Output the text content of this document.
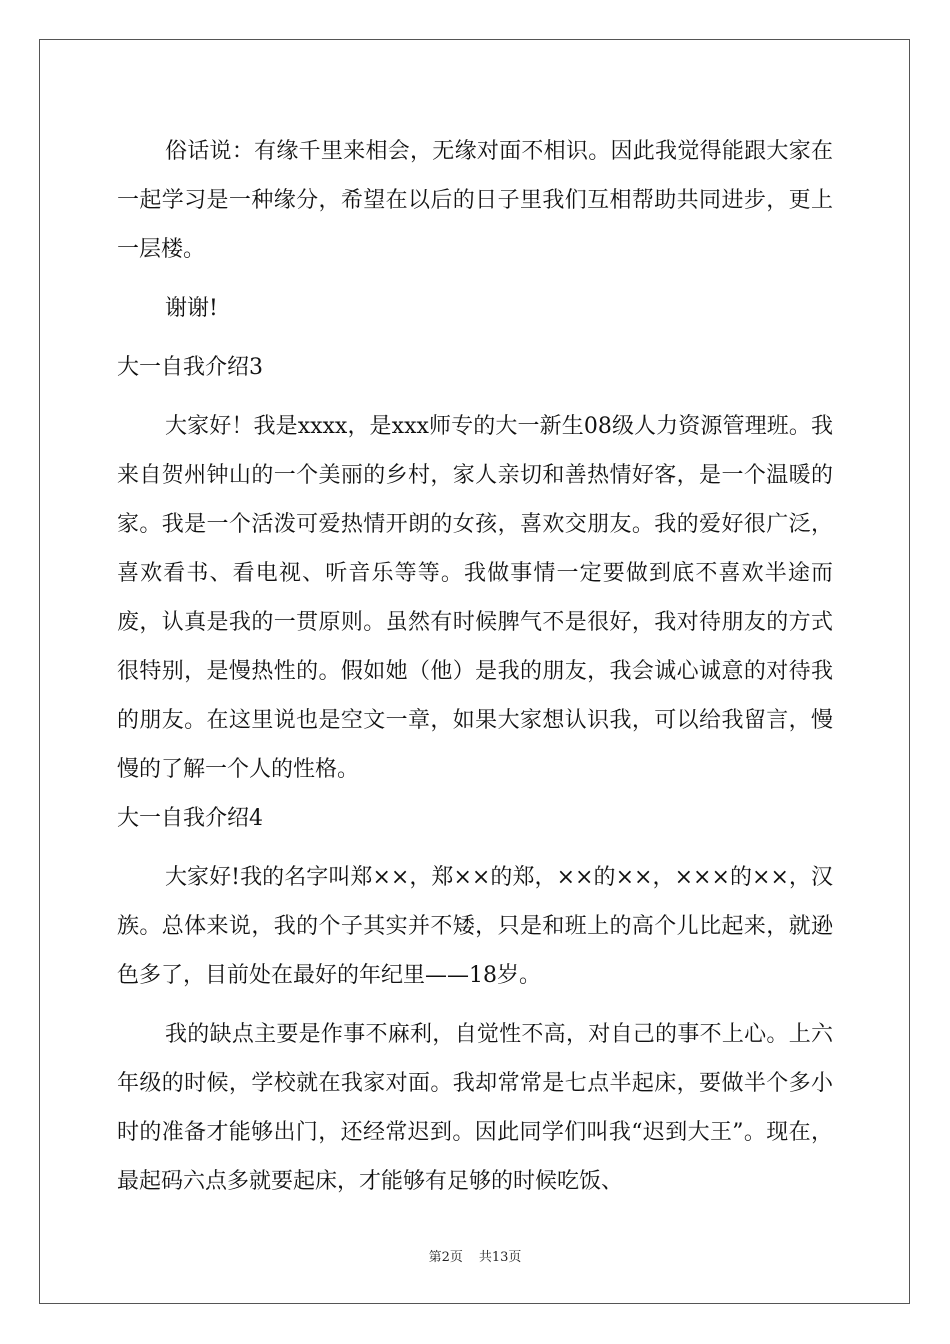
俗话说：有缘千里来相会，无缘对面不相识。因此我觉得能跟大家在一起学习是一种缘分，希望在以后的日子里我们互相帮助共同进步，更上一层楼。

谢谢!

大一自我介绍3

大家好！我是xxxx，是xxx师专的大一新生08级人力资源管理班。我来自贺州钟山的一个美丽的乡村，家人亲切和善热情好客，是一个温暖的家。我是一个活泼可爱热情开朗的女孩，喜欢交朋友。我的爱好很广泛，喜欢看书、看电视、听音乐等等。我做事情一定要做到底不喜欢半途而废，认真是我的一贯原则。虽然有时候脾气不是很好，我对待朋友的方式很特别，是慢热性的。假如她（他）是我的朋友，我会诚心诚意的对待我的朋友。在这里说也是空文一章，如果大家想认识我，可以给我留言，慢慢的了解一个人的性格。

大一自我介绍4

大家好!我的名字叫郑××，郑××的郑，××的××，×××的××，汉族。总体来说，我的个子其实并不矮，只是和班上的高个儿比起来，就逊色多了，目前处在最好的年纪里——18岁。

我的缺点主要是作事不麻利，自觉性不高，对自己的事不上心。上六年级的时候，学校就在我家对面。我却常常是七点半起床，要做半个多小时的准备才能够出门，还经常迟到。因此同学们叫我“迟到大王”。现在，最起码六点多就要起床，才能够有足够的时候吃饭、

第2页 共13页
